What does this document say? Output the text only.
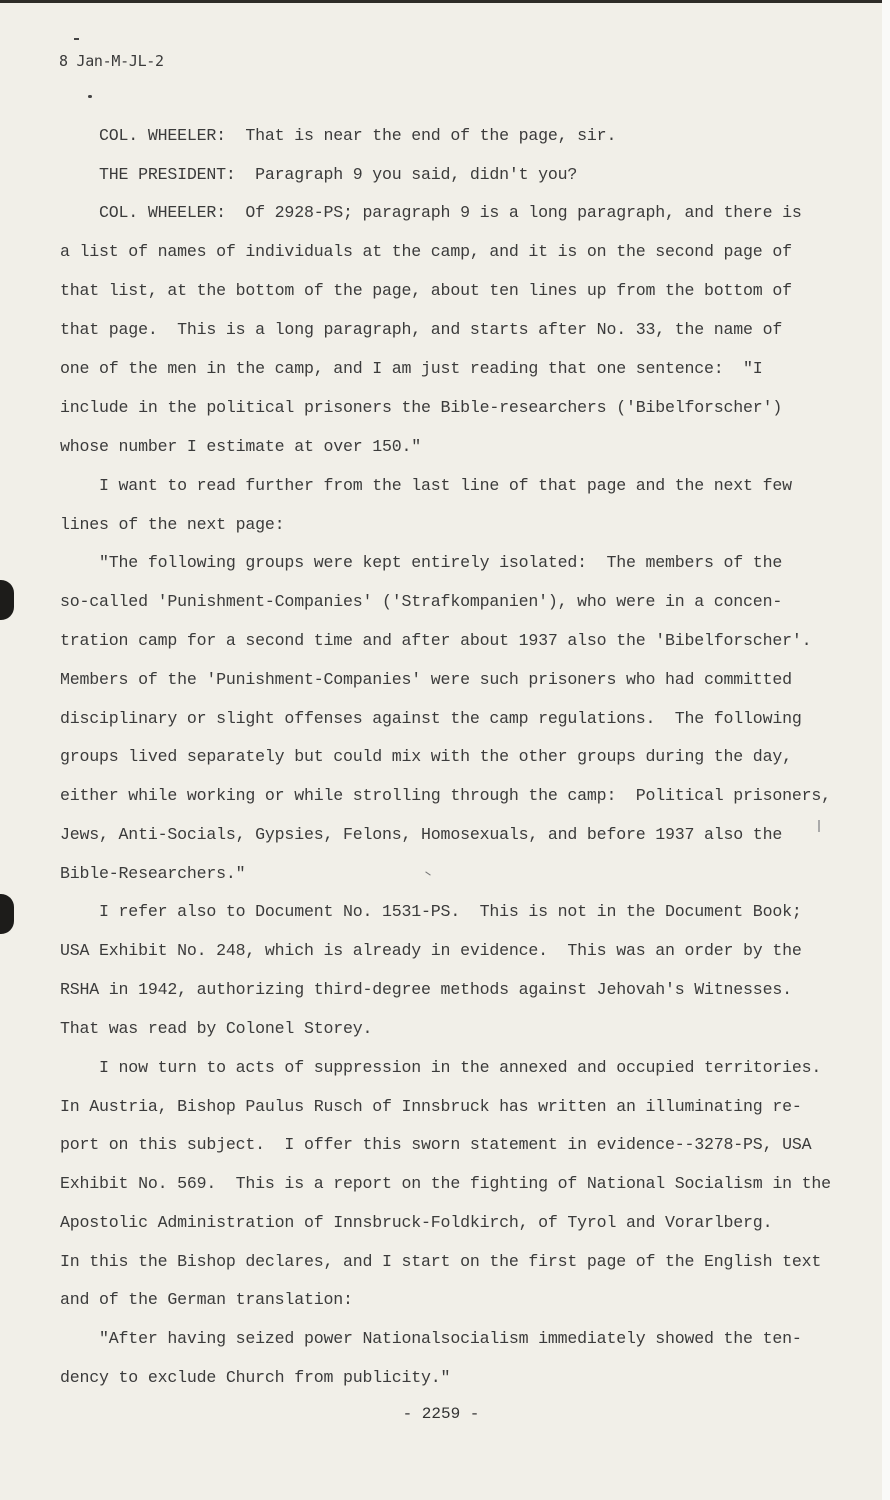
8 Jan-M-JL-2
COL. WHEELER:  That is near the end of the page, sir.
THE PRESIDENT:  Paragraph 9 you said, didn't you?
COL. WHEELER:  Of 2928-PS; paragraph 9 is a long paragraph, and there is
a list of names of individuals at the camp, and it is on the second page of
that list, at the bottom of the page, about ten lines up from the bottom of
that page.  This is a long paragraph, and starts after No. 33, the name of
one of the men in the camp, and I am just reading that one sentence:  "I
include in the political prisoners the Bible-researchers ('Bibelforscher')
whose number I estimate at over 150."
I want to read further from the last line of that page and the next few
lines of the next page:
"The following groups were kept entirely isolated:  The members of the
so-called 'Punishment-Companies' ('Strafkompanien'), who were in a concen-
tration camp for a second time and after about 1937 also the 'Bibelforscher'.
Members of the 'Punishment-Companies' were such prisoners who had committed
disciplinary or slight offenses against the camp regulations.  The following
groups lived separately but could mix with the other groups during the day,
either while working or while strolling through the camp:  Political prisoners,
Jews, Anti-Socials, Gypsies, Felons, Homosexuals, and before 1937 also the
Bible-Researchers."
I refer also to Document No. 1531-PS.  This is not in the Document Book;
USA Exhibit No. 248, which is already in evidence.  This was an order by the
RSHA in 1942, authorizing third-degree methods against Jehovah's Witnesses.
That was read by Colonel Storey.
I now turn to acts of suppression in the annexed and occupied territories.
In Austria, Bishop Paulus Rusch of Innsbruck has written an illuminating re-
port on this subject.  I offer this sworn statement in evidence--3278-PS, USA
Exhibit No. 569.  This is a report on the fighting of National Socialism in the
Apostolic Administration of Innsbruck-Foldkirch, of Tyrol and Vorarlberg.
In this the Bishop declares, and I start on the first page of the English text
and of the German translation:
"After having seized power Nationalsocialism immediately showed the ten-
dency to exclude Church from publicity."
- 2259 -
